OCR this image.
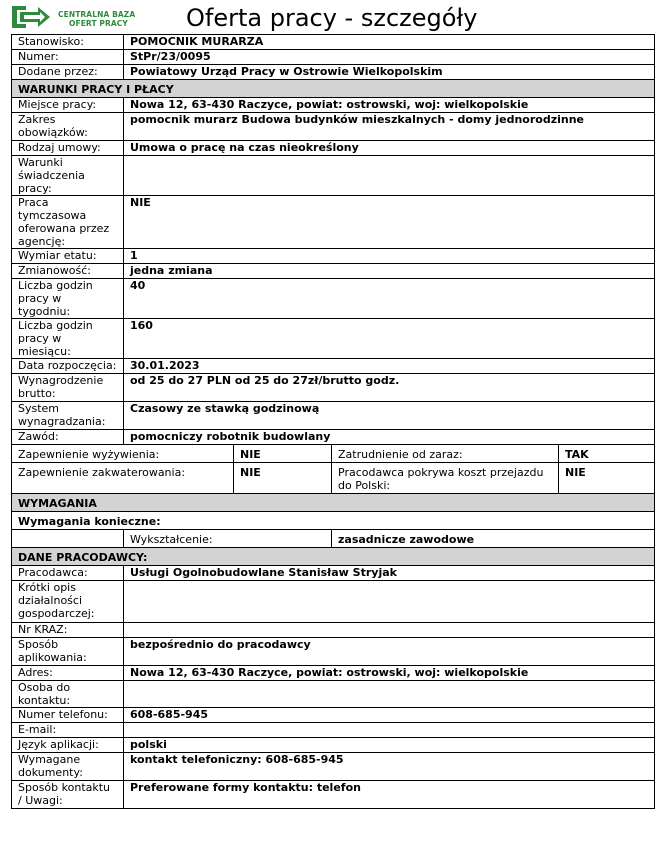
CENTRALNA BAZA
OFERT PRACY	Oferta pracy - szczegóły
Stanowisko:	POMOCNIK MURARZA			
Numer:	StPr/23/0095			
Dodane przez:	Powiatowy Urząd Pracy w Ostrowie Wielkopolskim			
WARUNKI PRACY I PŁACY				
Miejsce pracy:	Nowa 12, 63-430 Raczyce, powiat: ostrowski, woj: wielkopolskie			
Zakres obowiązków:	pomocnik murarz Budowa budynków mieszkalnych - domy jednorodzinne			
Rodzaj umowy:	Umowa o pracę na czas nieokreślony			
Warunki świadczenia pracy:				
Praca tymczasowa oferowana przez agencję:	NIE			
Wymiar etatu:	1			
Zmianowość:	jedna zmiana			
Liczba godzin pracy w tygodniu:	40			
Liczba godzin pracy w miesiącu:	160			
Data rozpoczęcia:	30.01.2023			
Wynagrodzenie brutto:	od 25 do 27 PLN od 25 do 27zł/brutto godz.			
System wynagradzania:	Czasowy ze stawką godzinową			
Zawód:	pomocniczy robotnik budowlany			
Zapewnienie wyżywienia:		NIE	Zatrudnienie od zaraz:	TAK
Zapewnienie zakwaterowania:		NIE	Pracodawca pokrywa koszt przejazdu do Polski:	NIE
WYMAGANIA				
Wymagania konieczne:				
	Wykształcenie:		zasadnicze zawodowe	
DANE PRACODAWCY:				
Pracodawca:	Usługi Ogolnobudowlane Stanisław Stryjak			
Krótki opis działalności gospodarczej:				
Nr KRAZ:				
Sposób aplikowania:	bezpośrednio do pracodawcy			
Adres:	Nowa 12, 63-430 Raczyce, powiat: ostrowski, woj: wielkopolskie			
Osoba do kontaktu:				
Numer telefonu:	608-685-945			
E-mail:				
Język aplikacji:	polski			
Wymagane dokumenty:	kontakt telefoniczny: 608-685-945			
Sposób kontaktu / Uwagi:	Preferowane formy kontaktu: telefon			
